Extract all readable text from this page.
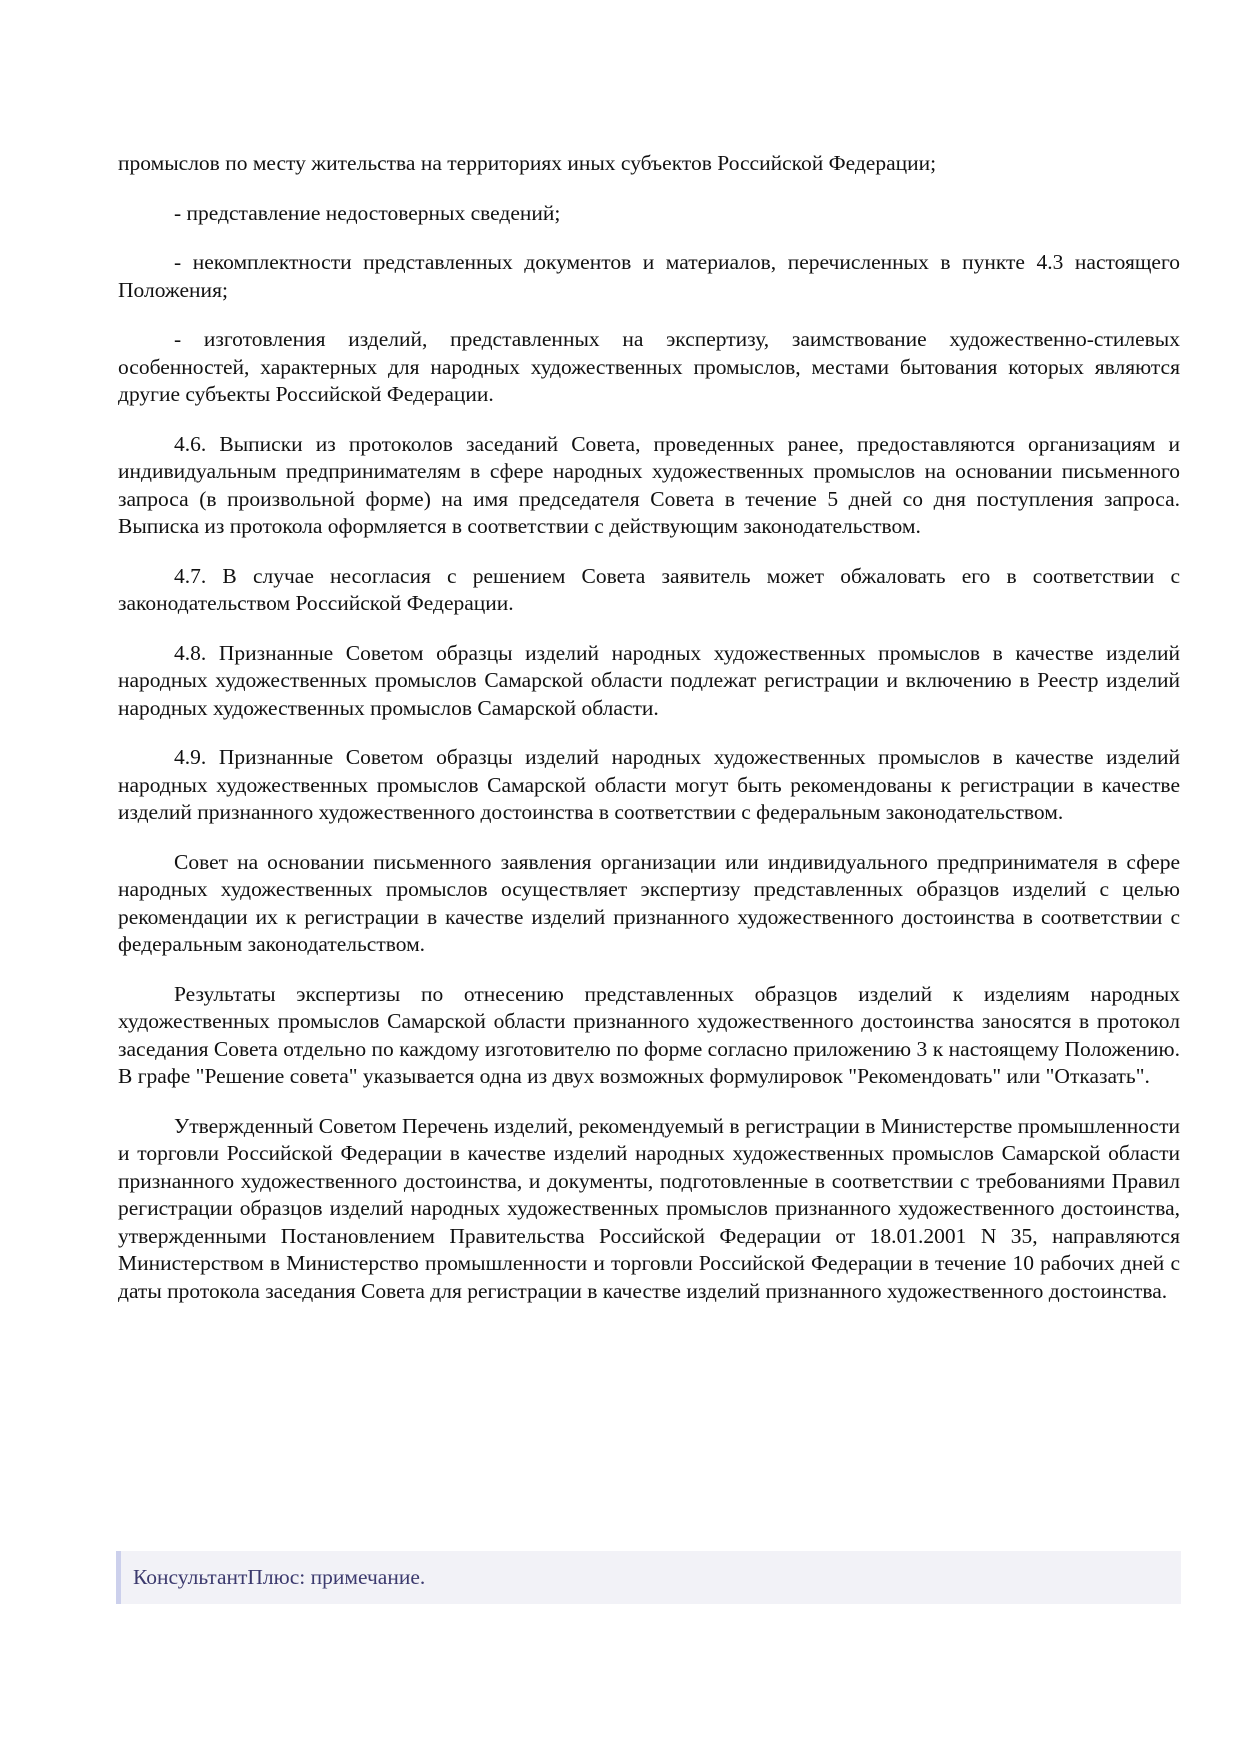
промыслов по месту жительства на территориях иных субъектов Российской Федерации;

- представление недостоверных сведений;

- некомплектности представленных документов и материалов, перечисленных в пункте 4.3 настоящего Положения;

- изготовления изделий, представленных на экспертизу, заимствование художественно-стилевых особенностей, характерных для народных художественных промыслов, местами бытования которых являются другие субъекты Российской Федерации.

4.6. Выписки из протоколов заседаний Совета, проведенных ранее, предоставляются организациям и индивидуальным предпринимателям в сфере народных художественных промыслов на основании письменного запроса (в произвольной форме) на имя председателя Совета в течение 5 дней со дня поступления запроса. Выписка из протокола оформляется в соответствии с действующим законодательством.

4.7. В случае несогласия с решением Совета заявитель может обжаловать его в соответствии с законодательством Российской Федерации.

4.8. Признанные Советом образцы изделий народных художественных промыслов в качестве изделий народных художественных промыслов Самарской области подлежат регистрации и включению в Реестр изделий народных художественных промыслов Самарской области.

4.9. Признанные Советом образцы изделий народных художественных промыслов в качестве изделий народных художественных промыслов Самарской области могут быть рекомендованы к регистрации в качестве изделий признанного художественного достоинства в соответствии с федеральным законодательством.

Совет на основании письменного заявления организации или индивидуального предпринимателя в сфере народных художественных промыслов осуществляет экспертизу представленных образцов изделий с целью рекомендации их к регистрации в качестве изделий признанного художественного достоинства в соответствии с федеральным законодательством.

Результаты экспертизы по отнесению представленных образцов изделий к изделиям народных художественных промыслов Самарской области признанного художественного достоинства заносятся в протокол заседания Совета отдельно по каждому изготовителю по форме согласно приложению 3 к настоящему Положению. В графе "Решение совета" указывается одна из двух возможных формулировок "Рекомендовать" или "Отказать".

Утвержденный Советом Перечень изделий, рекомендуемый в регистрации в Министерстве промышленности и торговли Российской Федерации в качестве изделий народных художественных промыслов Самарской области признанного художественного достоинства, и документы, подготовленные в соответствии с требованиями Правил регистрации образцов изделий народных художественных промыслов признанного художественного достоинства, утвержденными Постановлением Правительства Российской Федерации от 18.01.2001 N 35, направляются Министерством в Министерство промышленности и торговли Российской Федерации в течение 10 рабочих дней с даты протокола заседания Совета для регистрации в качестве изделий признанного художественного достоинства.

КонсультантПлюс: примечание.
